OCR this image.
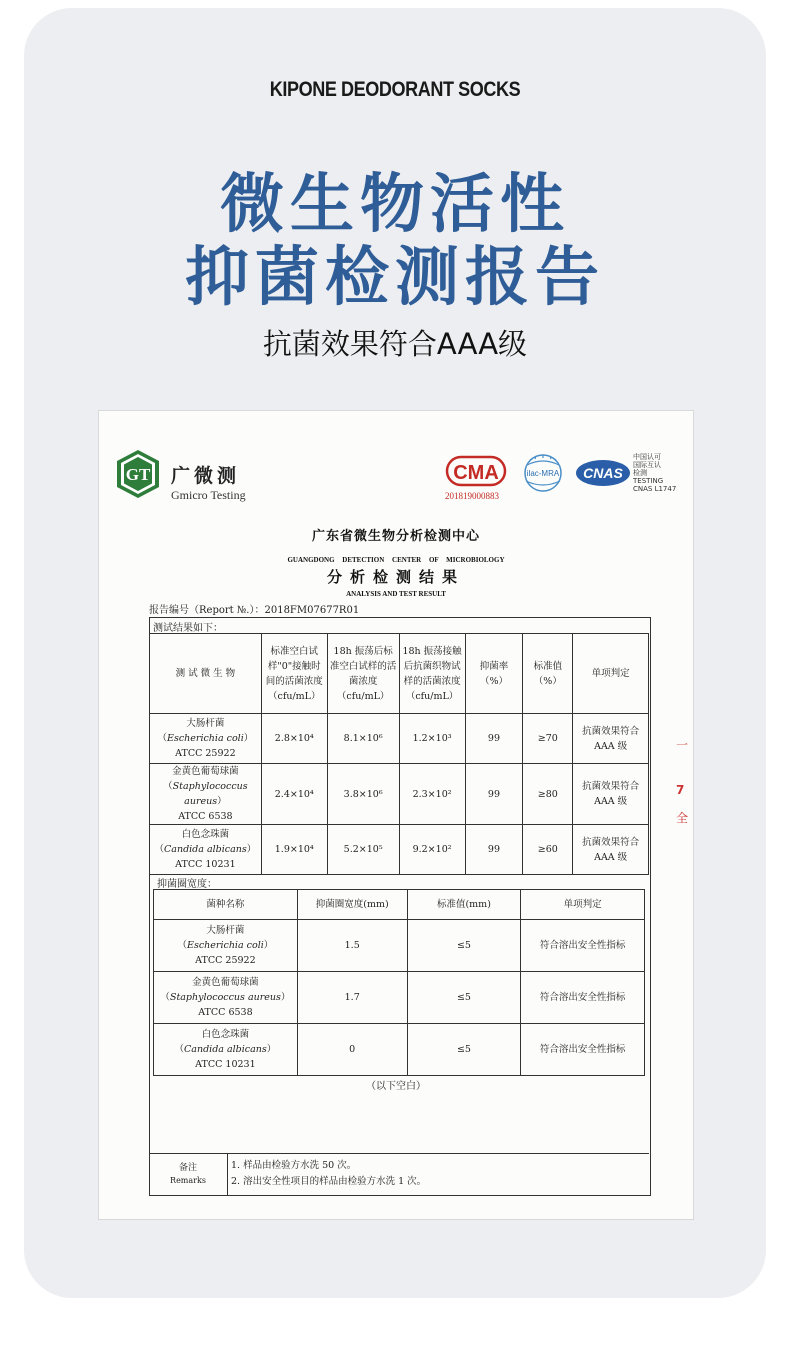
KIPONE DEODORANT SOCKS
微生物活性
抑菌检测报告
抗菌效果符合AAA级
GT 广微测
Gmicro Testing
CMA
201819000883
ilac-MRA CNAS
中国认可
国际互认
检测
TESTING
CNAS L1747
广东省微生物分析检测中心
GUANGDONG DETECTION CENTER OF MICROBIOLOGY
分析检测结果
ANALYSIS AND TEST RESULT
报告编号（Report №.）：2018FM07677R01
测试结果如下：
测 试 微 生 物	标准空白试样"0"接触时间的活菌浓度（cfu/mL）	18h 振荡后标准空白试样的活菌浓度（cfu/mL）	18h 振荡接触后抗菌织物试样的活菌浓度（cfu/mL）	抑菌率（%）	标准值（%）	单项判定

大肠杆菌
（Escherichia coli）
ATCC 25922	2.8×10⁴	8.1×10⁶	1.2×10³	99	≥70	抗菌效果符合 AAA 级

金黄色葡萄球菌
（Staphylococcus aureus）
ATCC 6538	2.4×10⁴	3.8×10⁶	2.3×10²	99	≥80	抗菌效果符合 AAA 级

白色念珠菌
（Candida albicans）
ATCC 10231	1.9×10⁴	5.2×10⁵	9.2×10²	99	≥60	抗菌效果符合 AAA 级
抑菌圈宽度：
菌种名称	抑菌圈宽度(mm)	标准值(mm)	单项判定

大肠杆菌
（Escherichia coli）
ATCC 25922	1.5	≤5	符合溶出安全性指标

金黄色葡萄球菌
（Staphylococcus aureus）
ATCC 6538	1.7	≤5	符合溶出安全性指标

白色念珠菌
（Candida albicans）
ATCC 10231	0	≤5	符合溶出安全性指标
（以下空白）
备注
Remarks
1. 样品由检验方水洗 50 次。
2. 溶出安全性项目的样品由检验方水洗 1 次。
一
7
全
